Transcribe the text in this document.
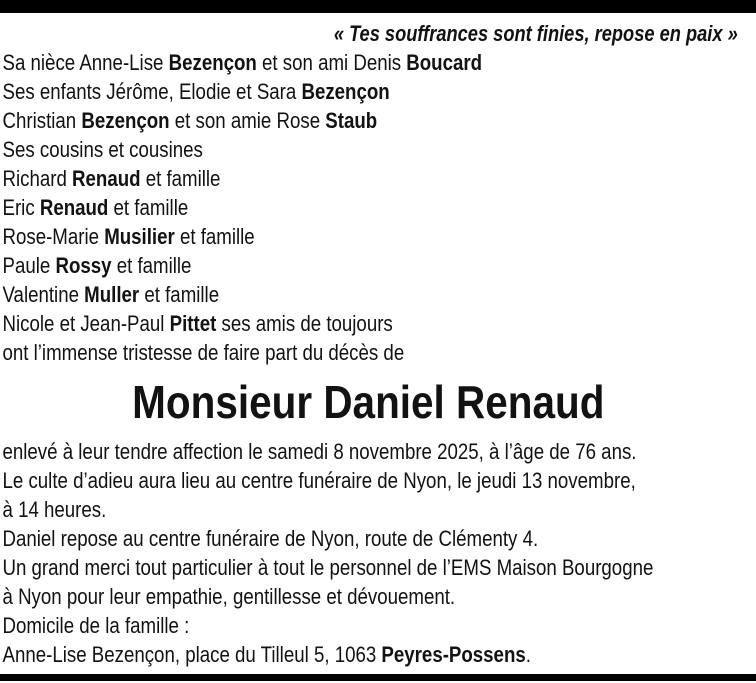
« Tes souffrances sont finies, repose en paix »
Sa nièce Anne-Lise Bezençon et son ami Denis Boucard
Ses enfants Jérôme, Elodie et Sara Bezençon
Christian Bezençon et son amie Rose Staub
Ses cousins et cousines
Richard Renaud et famille
Eric Renaud et famille
Rose-Marie Musilier et famille
Paule Rossy et famille
Valentine Muller et famille
Nicole et Jean-Paul Pittet ses amis de toujours
ont l’immense tristesse de faire part du décès de
Monsieur Daniel Renaud
enlevé à leur tendre affection le samedi 8 novembre 2025, à l’âge de 76 ans.
Le culte d’adieu aura lieu au centre funéraire de Nyon, le jeudi 13 novembre,
à 14 heures.
Daniel repose au centre funéraire de Nyon, route de Clémenty 4.
Un grand merci tout particulier à tout le personnel de l’EMS Maison Bourgogne
à Nyon pour leur empathie, gentillesse et dévouement.
Domicile de la famille :
Anne-Lise Bezençon, place du Tilleul 5, 1063 Peyres-Possens.
